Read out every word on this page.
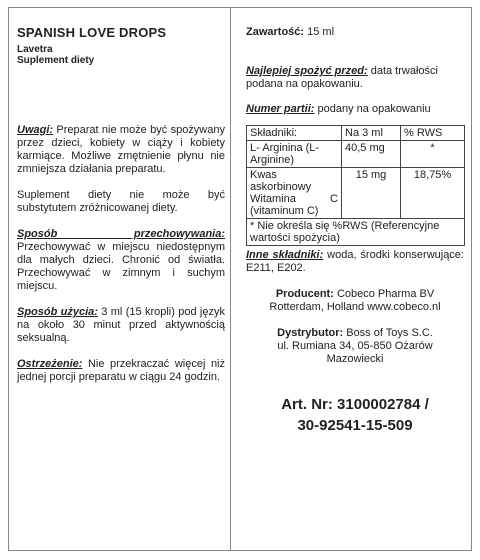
SPANISH LOVE DROPS

Lavetra

Suplement diety

Uwagi: Preparat nie może być spożywany przez dzieci, kobiety w ciąży i kobiety karmiące. Możliwe zmętnienie płynu nie zmniejsza działania preparatu.

Suplement diety nie może być substytutem zróżnicowanej diety.

Sposób przechowywania:

Przechowywać w miejscu niedostępnym dla małych dzieci. Chronić od światła. Przechowywać w zimnym i suchym miejscu.

Sposób użycia: 3 ml (15 kropli) pod język na około 30 minut przed aktywnością seksualną.

Ostrzeżenie: Nie przekraczać więcej niż jednej porcji preparatu w ciągu 24 godzin.

Zawartość: 15 ml

Najlepiej spożyć przed: data trwałości podana na opakowaniu.

Numer partii: podany na opakowaniu

Składniki:	Na 3 ml	% RWS
L- Arginina (L-Arginine)	40,5 mg	*
Kwas askorbinowy Witamina C (vitaminum C)	15 mg	18,75%
* Nie określa się %RWS (Referencyjne wartości spożycia)		

Inne składniki: woda, środki konserwujące: E211, E202.

Producent: Cobeco Pharma BV

Rotterdam, Holland www.cobeco.nl

Dystrybutor: Boss of Toys S.C.

ul. Rumiana 34, 05-850 Ożarów

Mazowiecki

Art. Nr: 3100002784 /
30-92541-15-509
